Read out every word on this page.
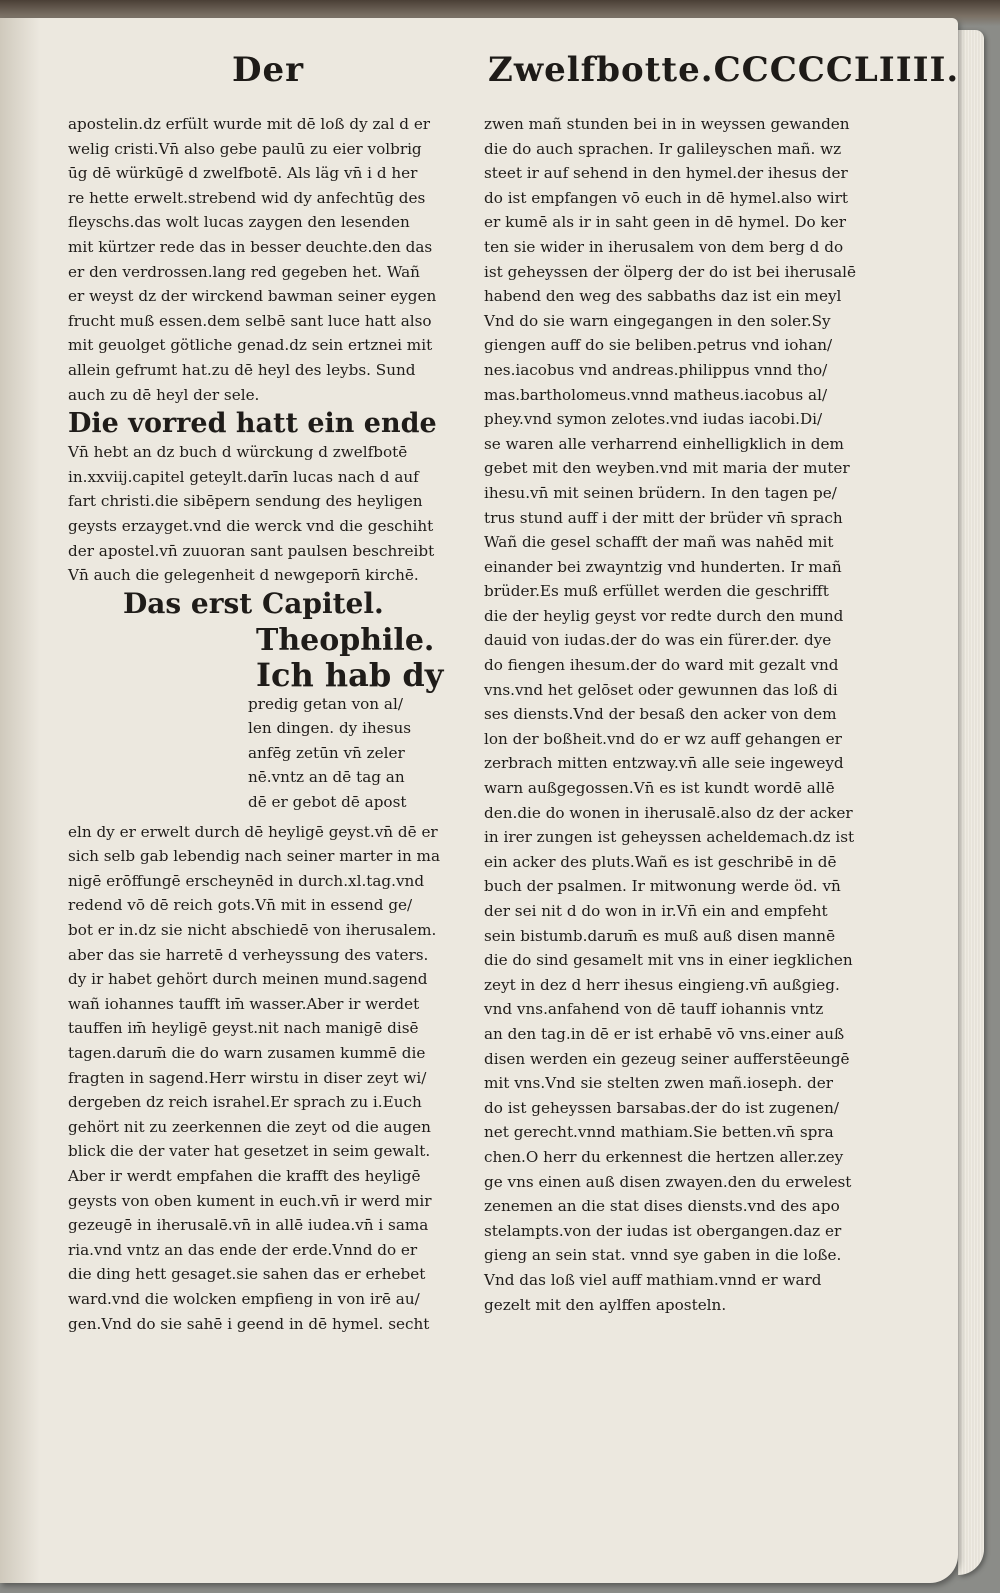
Der	Zwelfbotte.CCCCCLIIII.
apostelin.dz erfült wurde mit dē loß dy zal d er
welig cristi.Vn̄ also gebe paulū zu eier volbrig
ūg dē würkūgē d zwelfbotē. Als läg vn̄ i d her
re hette erwelt.strebend wid dy anfechtūg des
fleyschs.das wolt lucas zaygen den lesenden
mit kürtzer rede das in besser deuchte.den das
er den verdrossen.lang red gegeben het. Wañ
er weyst dz der wirckend bawman seiner eygen
frucht muß essen.dem selbē sant luce hatt also
mit geuolget götliche genad.dz sein ertznei mit
allein gefrumt hat.zu dē heyl des leybs. Sund
auch zu dē heyl der sele.
Die vorred hatt ein ende
Vn̄ hebt an dz buch d würckung d zwelfbotē
in.xxviij.capitel geteylt.darīn lucas nach d auf
fart christi.die sibēpern sendung des heyligen
geysts erzayget.vnd die werck vnd die geschiht
der apostel.vn̄ zuuoran sant paulsen beschreibt
Vn̄ auch die gelegenheit d newgeporn̄ kirchē.
Das erst Capitel.
Theophile.
Ich hab dy
predig getan von al/
len dingen. dy ihesus
anfēg zetūn vn̄ zeler
nē.vntz an dē tag an
dē er gebot dē apost
eln dy er erwelt durch dē heyligē geyst.vn̄ dē er
sich selb gab lebendig nach seiner marter in ma
nigē erōffungē erscheynēd in durch.xl.tag.vnd
redend vō dē reich gots.Vn̄ mit in essend ge/
bot er in.dz sie nicht abschiedē von iherusalem.
aber das sie harretē d verheyssung des vaters.
dy ir habet gehört durch meinen mund.sagend
wañ iohannes taufft im̄ wasser.Aber ir werdet
tauffen im̄ heyligē geyst.nit nach manigē disē
tagen.darum̄ die do warn zusamen kummē die
fragten in sagend.Herr wirstu in diser zeyt wi/
dergeben dz reich israhel.Er sprach zu i.Euch
gehört nit zu zeerkennen die zeyt od die augen
blick die der vater hat gesetzet in seim gewalt.
Aber ir werdt empfahen die krafft des heyligē
geysts von oben kument in euch.vn̄ ir werd mir
gezeugē in iherusalē.vn̄ in allē iudea.vn̄ i sama
ria.vnd vntz an das ende der erde.Vnnd do er
die ding hett gesaget.sie sahen das er erhebet
ward.vnd die wolcken empfieng in von irē au/
gen.Vnd do sie sahē i geend in dē hymel. secht
zwen mañ stunden bei in in weyssen gewanden
die do auch sprachen. Ir galileyschen mañ. wz
steet ir auf sehend in den hymel.der ihesus der
do ist empfangen vō euch in dē hymel.also wirt
er kumē als ir in saht geen in dē hymel. Do ker
ten sie wider in iherusalem von dem berg d do
ist geheyssen der ölperg der do ist bei iherusalē
habend den weg des sabbaths daz ist ein meyl
Vnd do sie warn eingegangen in den soler.Sy
giengen auff do sie beliben.petrus vnd iohan/
nes.iacobus vnd andreas.philippus vnnd tho/
mas.bartholomeus.vnnd matheus.iacobus al/
phey.vnd symon zelotes.vnd iudas iacobi.Di/
se waren alle verharrend einhelligklich in dem
gebet mit den weyben.vnd mit maria der muter
ihesu.vn̄ mit seinen brüdern. In den tagen pe/
trus stund auff i der mitt der brüder vn̄ sprach
Wañ die gesel schafft der mañ was nahēd mit
einander bei zwayntzig vnd hunderten. Ir mañ
brüder.Es muß erfüllet werden die geschrifft
die der heylig geyst vor redte durch den mund
dauid von iudas.der do was ein fürer.der. dye
do fiengen ihesum.der do ward mit gezalt vnd
vns.vnd het gelōset oder gewunnen das loß di
ses diensts.Vnd der besaß den acker von dem
lon der boßheit.vnd do er wz auff gehangen er
zerbrach mitten entzway.vn̄ alle seie ingeweyd
warn außgegossen.Vn̄ es ist kundt wordē allē
den.die do wonen in iherusalē.also dz der acker
in irer zungen ist geheyssen acheldemach.dz ist
ein acker des pluts.Wañ es ist geschribē in dē
buch der psalmen. Ir mitwonung werde öd. vn̄
der sei nit d do won in ir.Vn̄ ein and empfeht
sein bistumb.darum̄ es muß auß disen mannē
die do sind gesamelt mit vns in einer iegklichen
zeyt in dez d herr ihesus eingieng.vn̄ außgieg.
vnd vns.anfahend von dē tauff iohannis vntz
an den tag.in dē er ist erhabē vō vns.einer auß
disen werden ein gezeug seiner aufferstēeungē
mit vns.Vnd sie stelten zwen mañ.ioseph. der
do ist geheyssen barsabas.der do ist zugenen/
net gerecht.vnnd mathiam.Sie betten.vn̄ spra
chen.O herr du erkennest die hertzen aller.zey
ge vns einen auß disen zwayen.den du erwelest
zenemen an die stat dises diensts.vnd des apo
stelampts.von der iudas ist obergangen.daz er
gieng an sein stat. vnnd sye gaben in die loße.
Vnd das loß viel auff mathiam.vnnd er ward
gezelt mit den aylffen aposteln.
